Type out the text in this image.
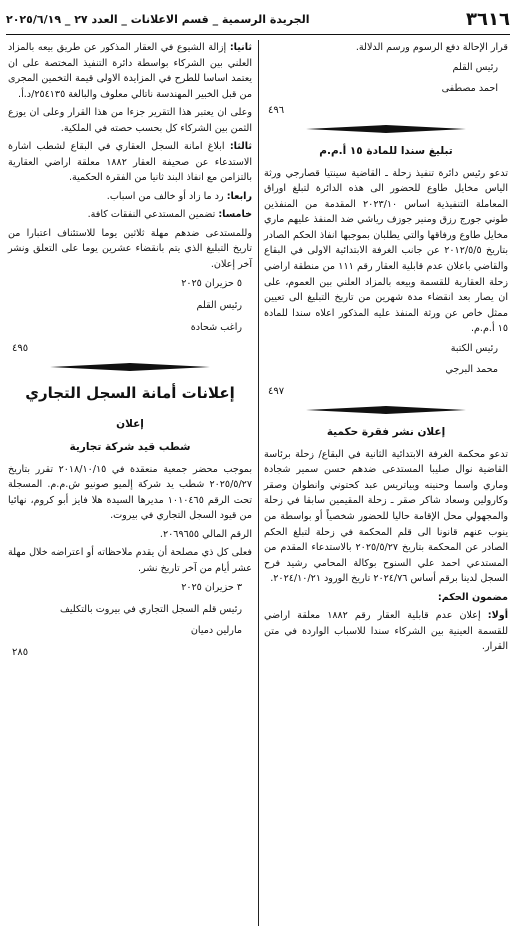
٣٦١٦
الجريدة الرسمية _ قسم الاعلانات _ العدد ٢٧ _ ٢٠٢٥/٦/١٩

قرار الإحالة دفع الرسوم ورسم الدلالة.

رئيس القلم
احمد مصطفى
٤٩٦
تبليغ سندا للمادة ١٥ أ.م.م

تدعو رئيس دائرة تنفيذ زحلة ـ القاضية سينتيا قصارجي ورثة الياس مخايل طاوع للحضور الى هذه الدائرة لتبلغ اوراق المعاملة التنفيذية اساس ٢٠٢٣/١٠ المقدمة من المنفذين طوني جورج رزق ومنير جوزف رياشي ضد المنفذ عليهم ماري مخايل طاوع ورفاقها والتي يطلبان بموجبها انفاذ الحكم الصادر بتاريخ ٢٠١٢/٥/٥ عن جانب الغرفة الابتدائية الاولى في البقاع والقاضي باعلان عدم قابلية العقار رقم ١١١ من منطقة اراضي زحلة العقارية للقسمة وبيعه بالمزاد العلني بين العموم، على ان يصار بعد انقضاء مدة شهرين من تاريخ التبليغ الى تعيين ممثل خاص عن ورثة المنفذ عليه المذكور اعلاه سندا للمادة ١٥ أ.م.م.

رئيس الكتبة
محمد البرجي
٤٩٧
إعلان نشر فقرة حكمية

تدعو محكمة الغرفة الابتدائية الثانية في البقاع/ زحلة برئاسة القاضية نوال صليبا المستدعى ضدهم حسن سمير شجادة وماري واسما وحنينه وبياتريس عبد كحتوني وانطوان وصقر وكارولين وسعاد شاكر صقر ـ زحلة المقيمين سابقا في زحلة والمجهولي محل الإقامة حاليا للحضور شخصياً أو بواسطة من ينوب عنهم قانونا الى قلم المحكمة في زحلة لتبلغ الحكم الصادر عن المحكمة بتاريخ ٢٠٢٥/٥/٢٧ بالاستدعاء المقدم من المستدعي احمد علي السنوح بوكالة المحامي رشيد فرح السجل لدينا برقم أساس ٢٠٢٤/٧٦ تاريخ الورود ٢٠٢٤/١٠/٢١.

مضمون الحكم:

أولا: إعلان عدم قابلية العقار رقم ١٨٨٢ معلقة اراضي للقسمة العينية بين الشركاء سندا للاسباب الواردة في متن القرار.

ثانيا: إزالة الشيوع في العقار المذكور عن طريق بيعه بالمزاد العلني بين الشركاء بواسطة دائرة التنفيذ المختصة على ان يعتمد اساسا للطرح في المزايدة الاولى قيمة التخمين المجرى من قبل الخبير المهندسة ناتالي معلوف والبالغة ٢٥٤١٣٥/د.أ.

وعلى ان يعتبر هذا التقرير جزءا من هذا القرار وعلى ان يوزع الثمن بين الشركاء كل بحسب حصته في الملكية.

ثالثا: ابلاغ امانة السجل العقاري في البقاع لشطب اشارة الاستدعاء عن صحيفة العقار ١٨٨٢ معلقة اراضي العقارية بالتزامن مع انفاذ البند ثانيا من الفقرة الحكمية.

رابعا: رد ما زاد أو خالف من اسباب.

خامسا: تضمين المستدعي النفقات كافة.

وللمستدعى ضدهم مهلة ثلاثين يوما للاستئناف اعتبارا من تاريخ التبليغ الذي يتم بانقضاء عشرين يوما على التعلق ونشر آخر إعلان.

٥ حزيران ٢٠٢٥
رئيس القلم
راغب شحادة
٤٩٥
إعلانات أمانة السجل التجاري
إعلان
شطب قيد شركة تجارية

بموجب محضر جمعية منعقدة في ٢٠١٨/١٠/١٥ تقرر بتاريخ ٢٠٢٥/٥/٢٧ شطب يد شركة إلميو صونيو ش.م.م. المسجلة تحت الرقم ١٠١٠٤٦٥ مديرها السيدة هلا فايز أبو كروم، نهائيا من قيود السجل التجاري في بيروت.

الرقم المالي ٢٠٦٩٦٥٥.

فعلى كل ذي مصلحة أن يقدم ملاحظاته أو اعتراضه خلال مهلة عشر أيام من آخر تاريخ نشر.

٣ حزيران ٢٠٢٥
رئيس قلم السجل التجاري في بيروت بالتكليف
مارلين دميان
٢٨٥
